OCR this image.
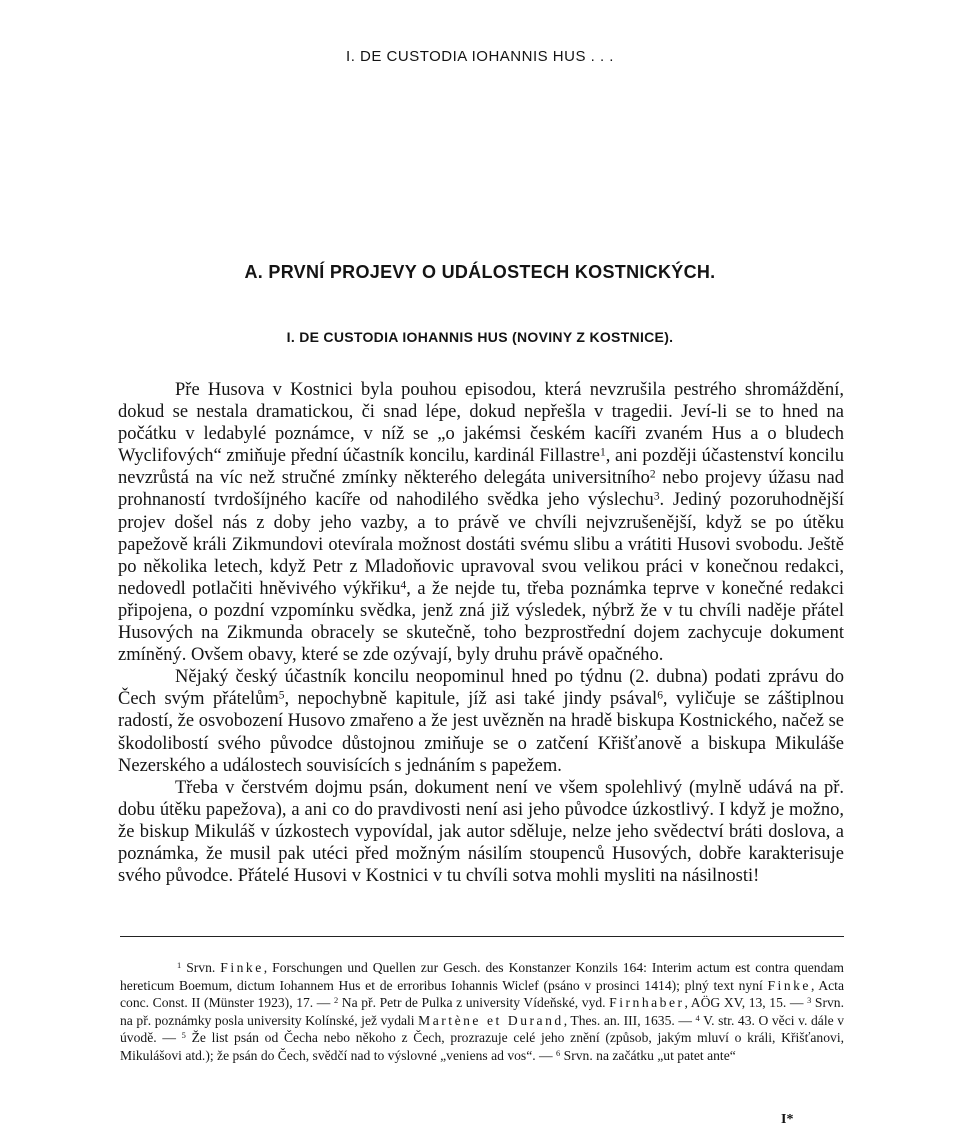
I. DE CUSTODIA IOHANNIS HUS . . .
A. PRVNÍ PROJEVY O UDÁLOSTECH KOSTNICKÝCH.
I. DE CUSTODIA IOHANNIS HUS (NOVINY Z KOSTNICE).

Pře Husova v Kostnici byla pouhou episodou, která nevzrušila pestrého shromáždění, dokud se nestala dramatickou, či snad lépe, dokud nepřešla v tragedii. Jeví-li se to hned na počátku v ledabylé poznámce, v níž se „o jakémsi českém kacíři zvaném Hus a o bludech Wyclifových“ zmiňuje přední účastník koncilu, kardinál Fillastre$^1$, ani později účastenství koncilu nevzrůstá na víc než stručné zmínky některého delegáta universitního$^2$ nebo projevy úžasu nad prohnaností tvrdošíjného kacíře od nahodilého svědka jeho výslechu$^3$. Jediný pozoruhodnější projev došel nás z doby jeho vazby, a to právě ve chvíli nejvzrušenější, když se po útěku papežově králi Zikmundovi otevírala možnost dostáti svému slibu a vrátiti Husovi svobodu. Ještě po několika letech, když Petr z Mladoňovic upravoval svou velikou práci v konečnou redakci, nedovedl potlačiti hněvivého výkřiku$^4$, a že nejde tu, třeba poznámka teprve v konečné redakci připojena, o pozdní vzpomínku svědka, jenž zná již výsledek, nýbrž že v tu chvíli naděje přátel Husových na Zikmunda obracely se skutečně, toho bezprostřední dojem zachycuje dokument zmíněný. Ovšem obavy, které se zde ozývají, byly druhu právě opačného.

Nějaký český účastník koncilu neopominul hned po týdnu (2. dubna) podati zprávu do Čech svým přátelům$^5$, nepochybně kapitule, jíž asi také jindy psával$^6$, vyličuje se záštiplnou radostí, že osvobození Husovo zmařeno a že jest uvězněn na hradě biskupa Kostnického, načež se škodolibostí svého původce důstojnou zmiňuje se o zatčení Křišťanově a biskupa Mikuláše Nezerského a událostech souvisících s jednáním s papežem.

Třeba v čerstvém dojmu psán, dokument není ve všem spolehlivý (mylně udává na př. dobu útěku papežova), a ani co do pravdivosti není asi jeho původce úzkostlivý. I když je možno, že biskup Mikuláš v úzkostech vypovídal, jak autor sděluje, nelze jeho svědectví bráti doslova, a poznámka, že musil pak utéci před možným násilím stoupenců Husových, dobře karakterisuje svého původce. Přátelé Husovi v Kostnici v tu chvíli sotva mohli mysliti na násilnosti!

$^1$ Srvn. Finke, Forschungen und Quellen zur Gesch. des Konstanzer Konzils 164: Interim actum est contra quendam hereticum Boemum, dictum Iohannem Hus et de erroribus Iohannis Wiclef (psáno v prosinci 1414); plný text nyní Finke, Acta conc. Const. II (Münster 1923), 17. — $^2$ Na př. Petr de Pulka z university Vídeňské, vyd. Firnhaber, AÖG XV, 13, 15. — $^3$ Srvn. na př. poznámky posla university Kolínské, jež vydali Martène et Durand, Thes. an. III, 1635. — $^4$ V. str. 43. O věci v. dále v úvodě. — $^5$ Že list psán od Čecha nebo někoho z Čech, prozrazuje celé jeho znění (způsob, jakým mluví o králi, Křišťanovi, Mikulášovi atd.); že psán do Čech, svědčí nad to výslovné „veniens ad vos“. — $^6$ Srvn. na začátku „ut patet ante“
I*
